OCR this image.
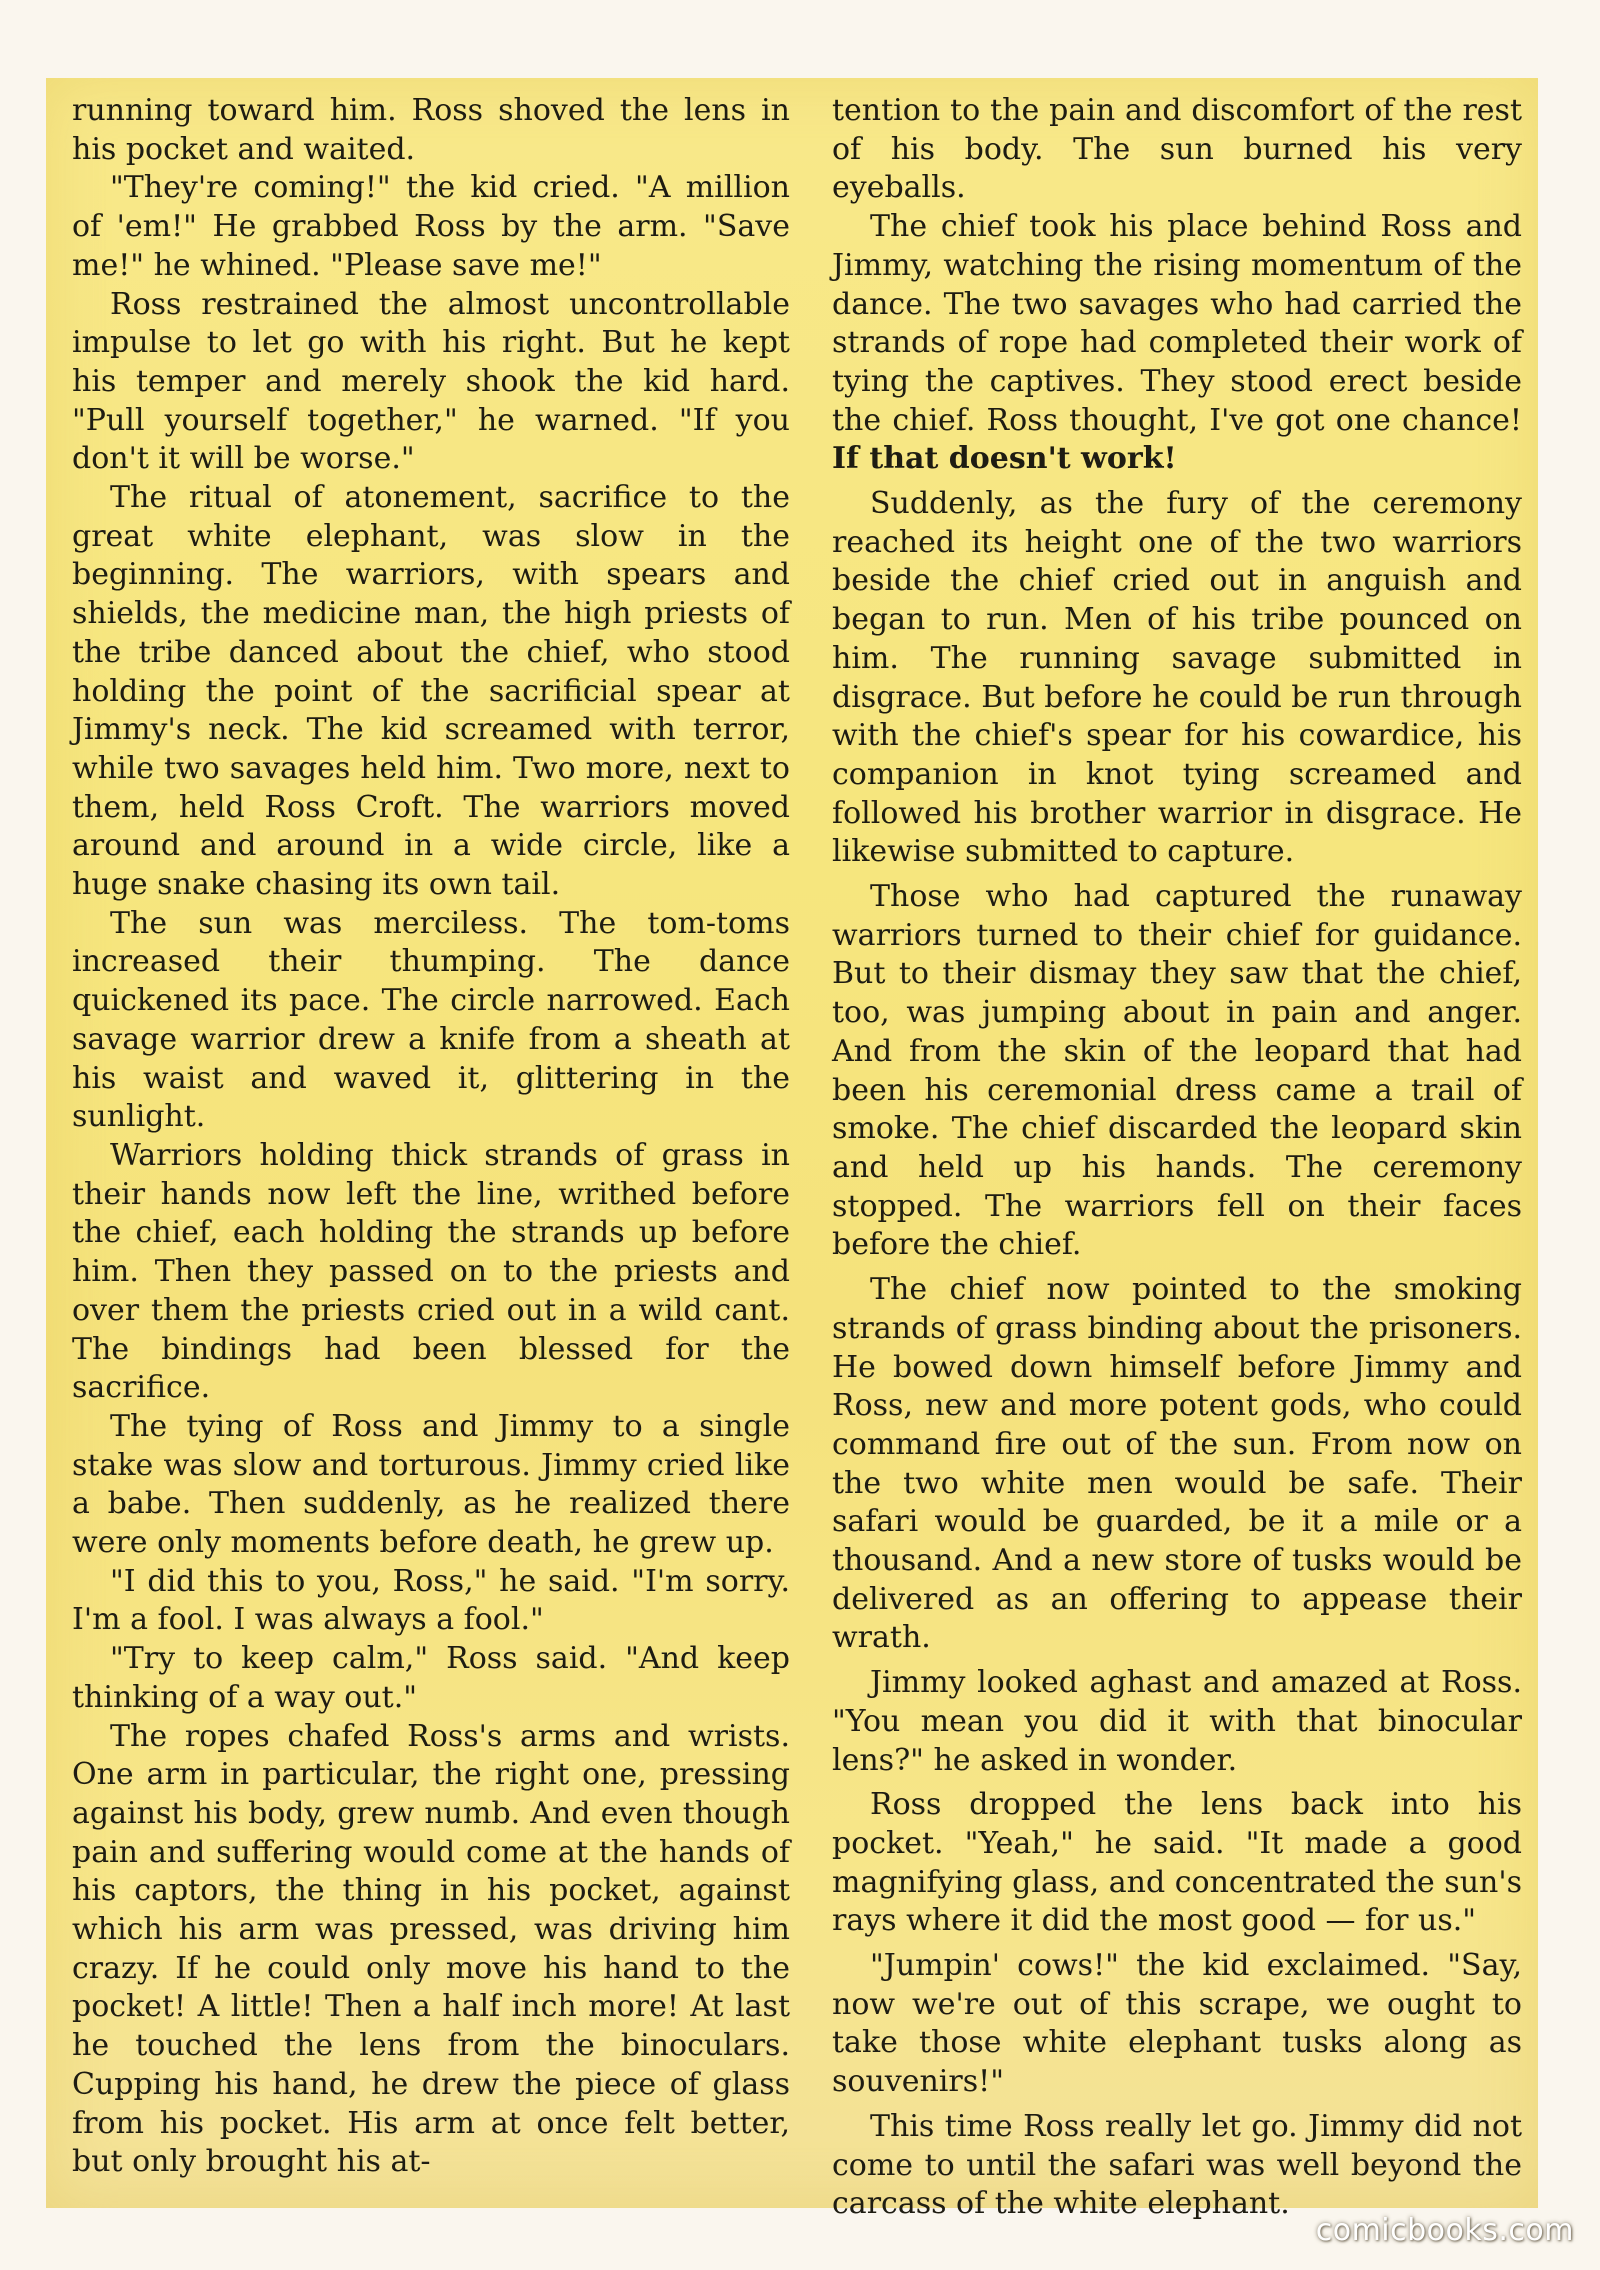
running toward him. Ross shoved the lens in his pocket and waited.

"They're coming!" the kid cried. "A million of 'em!" He grabbed Ross by the arm. "Save me!" he whined. "Please save me!"

Ross restrained the almost uncontrollable impulse to let go with his right. But he kept his temper and merely shook the kid hard. "Pull yourself together," he warned. "If you don't it will be worse."

The ritual of atonement, sacrifice to the great white elephant, was slow in the beginning. The warriors, with spears and shields, the medicine man, the high priests of the tribe danced about the chief, who stood holding the point of the sacrificial spear at Jimmy's neck. The kid screamed with terror, while two savages held him. Two more, next to them, held Ross Croft. The warriors moved around and around in a wide circle, like a huge snake chasing its own tail.

The sun was merciless. The tom-toms increased their thumping. The dance quickened its pace. The circle narrowed. Each savage warrior drew a knife from a sheath at his waist and waved it, glittering in the sunlight.

Warriors holding thick strands of grass in their hands now left the line, writhed before the chief, each holding the strands up before him. Then they passed on to the priests and over them the priests cried out in a wild cant. The bindings had been blessed for the sacrifice.

The tying of Ross and Jimmy to a single stake was slow and torturous. Jimmy cried like a babe. Then suddenly, as he realized there were only moments before death, he grew up.

"I did this to you, Ross," he said. "I'm sorry. I'm a fool. I was always a fool."

"Try to keep calm," Ross said. "And keep thinking of a way out."

The ropes chafed Ross's arms and wrists. One arm in particular, the right one, pressing against his body, grew numb. And even though pain and suffering would come at the hands of his captors, the thing in his pocket, against which his arm was pressed, was driving him crazy. If he could only move his hand to the pocket! A little! Then a half inch more! At last he touched the lens from the binoculars. Cupping his hand, he drew the piece of glass from his pocket. His arm at once felt better, but only brought his at-

tention to the pain and discomfort of the rest of his body. The sun burned his very eyeballs.

The chief took his place behind Ross and Jimmy, watching the rising momentum of the dance. The two savages who had carried the strands of rope had completed their work of tying the captives. They stood erect beside the chief. Ross thought, I've got one chance! If that doesn't work!

Suddenly, as the fury of the ceremony reached its height one of the two warriors beside the chief cried out in anguish and began to run. Men of his tribe pounced on him. The running savage submitted in disgrace. But before he could be run through with the chief's spear for his cowardice, his companion in knot tying screamed and followed his brother warrior in disgrace. He likewise submitted to capture.

Those who had captured the runaway warriors turned to their chief for guidance. But to their dismay they saw that the chief, too, was jumping about in pain and anger. And from the skin of the leopard that had been his ceremonial dress came a trail of smoke. The chief discarded the leopard skin and held up his hands. The ceremony stopped. The warriors fell on their faces before the chief.

The chief now pointed to the smoking strands of grass binding about the prisoners. He bowed down himself before Jimmy and Ross, new and more potent gods, who could command fire out of the sun. From now on the two white men would be safe. Their safari would be guarded, be it a mile or a thousand. And a new store of tusks would be delivered as an offering to appease their wrath.

Jimmy looked aghast and amazed at Ross. "You mean you did it with that binocular lens?" he asked in wonder.

Ross dropped the lens back into his pocket. "Yeah," he said. "It made a good magnifying glass, and concentrated the sun's rays where it did the most good — for us."

"Jumpin' cows!" the kid exclaimed. "Say, now we're out of this scrape, we ought to take those white elephant tusks along as souvenirs!"

This time Ross really let go. Jimmy did not come to until the safari was well beyond the carcass of the white elephant.

comicbooks.com
